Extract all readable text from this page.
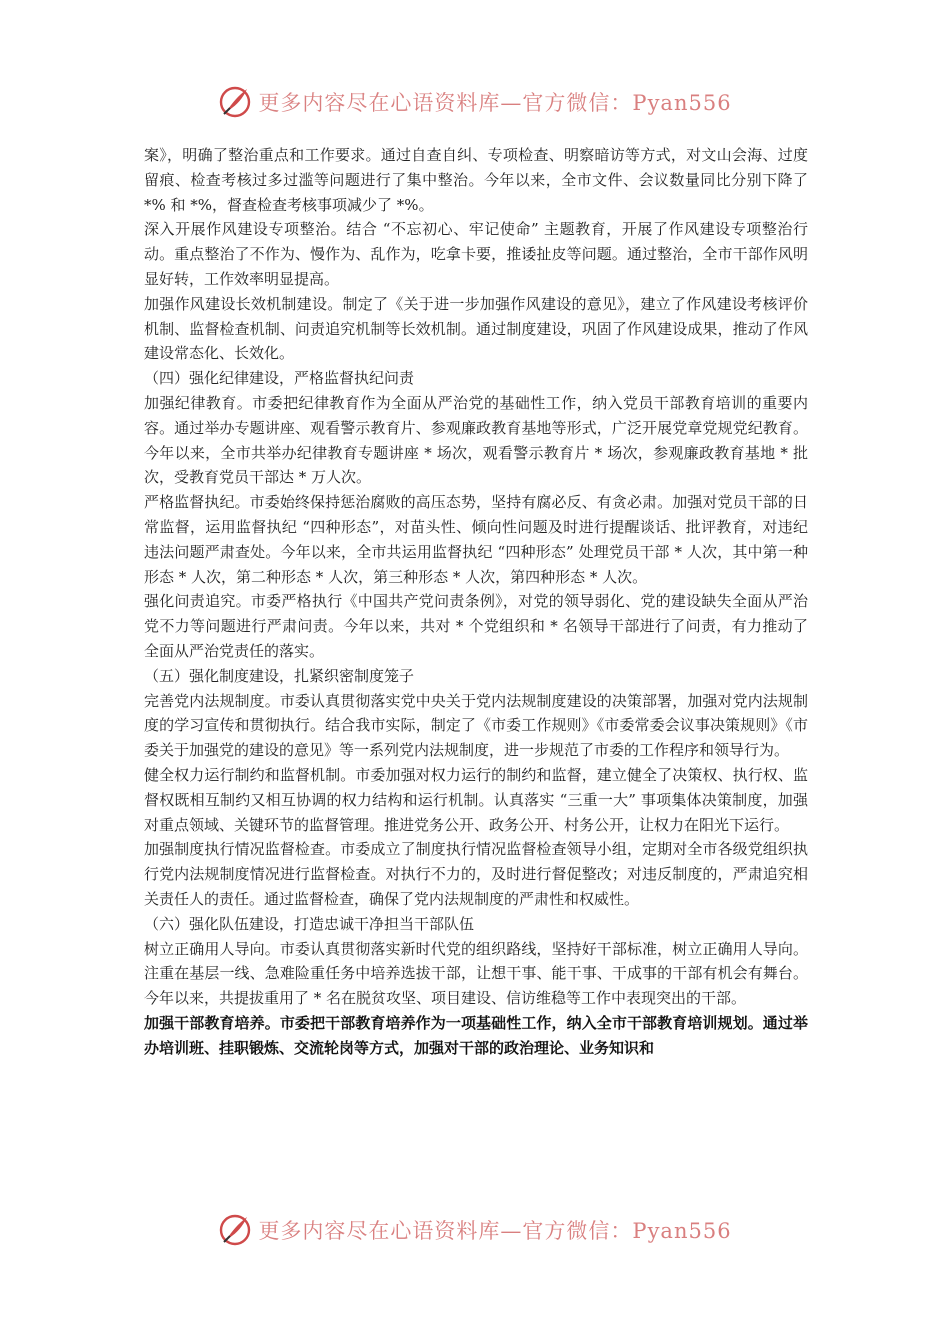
更多内容尽在心语资料库—官方微信：Pyan556

案》，明确了整治重点和工作要求。通过自查自纠、专项检查、明察暗访等方式，对文山会海、过度留痕、检查考核过多过滥等问题进行了集中整治。今年以来，全市文件、会议数量同比分别下降了 *% 和 *%，督查检查考核事项减少了 *%。

深入开展作风建设专项整治。结合 “不忘初心、牢记使命” 主题教育，开展了作风建设专项整治行动。重点整治了不作为、慢作为、乱作为，吃拿卡要，推诿扯皮等问题。通过整治，全市干部作风明显好转，工作效率明显提高。

加强作风建设长效机制建设。制定了《关于进一步加强作风建设的意见》，建立了作风建设考核评价机制、监督检查机制、问责追究机制等长效机制。通过制度建设，巩固了作风建设成果，推动了作风建设常态化、长效化。

（四）强化纪律建设，严格监督执纪问责

加强纪律教育。市委把纪律教育作为全面从严治党的基础性工作，纳入党员干部教育培训的重要内容。通过举办专题讲座、观看警示教育片、参观廉政教育基地等形式，广泛开展党章党规党纪教育。今年以来，全市共举办纪律教育专题讲座 * 场次，观看警示教育片 * 场次，参观廉政教育基地 * 批次，受教育党员干部达 * 万人次。

严格监督执纪。市委始终保持惩治腐败的高压态势，坚持有腐必反、有贪必肃。加强对党员干部的日常监督，运用监督执纪 “四种形态”，对苗头性、倾向性问题及时进行提醒谈话、批评教育，对违纪违法问题严肃查处。今年以来，全市共运用监督执纪 “四种形态” 处理党员干部 * 人次，其中第一种形态 * 人次，第二种形态 * 人次，第三种形态 * 人次，第四种形态 * 人次。

强化问责追究。市委严格执行《中国共产党问责条例》，对党的领导弱化、党的建设缺失全面从严治党不力等问题进行严肃问责。今年以来，共对 * 个党组织和 * 名领导干部进行了问责，有力推动了全面从严治党责任的落实。

（五）强化制度建设，扎紧织密制度笼子

完善党内法规制度。市委认真贯彻落实党中央关于党内法规制度建设的决策部署，加强对党内法规制度的学习宣传和贯彻执行。结合我市实际，制定了《市委工作规则》《市委常委会议事决策规则》《市委关于加强党的建设的意见》等一系列党内法规制度，进一步规范了市委的工作程序和领导行为。

健全权力运行制约和监督机制。市委加强对权力运行的制约和监督，建立健全了决策权、执行权、监督权既相互制约又相互协调的权力结构和运行机制。认真落实 “三重一大” 事项集体决策制度，加强对重点领域、关键环节的监督管理。推进党务公开、政务公开、村务公开，让权力在阳光下运行。

加强制度执行情况监督检查。市委成立了制度执行情况监督检查领导小组，定期对全市各级党组织执行党内法规制度情况进行监督检查。对执行不力的，及时进行督促整改；对违反制度的，严肃追究相关责任人的责任。通过监督检查，确保了党内法规制度的严肃性和权威性。

（六）强化队伍建设，打造忠诚干净担当干部队伍

树立正确用人导向。市委认真贯彻落实新时代党的组织路线，坚持好干部标准，树立正确用人导向。注重在基层一线、急难险重任务中培养选拔干部，让想干事、能干事、干成事的干部有机会有舞台。今年以来，共提拔重用了 * 名在脱贫攻坚、项目建设、信访维稳等工作中表现突出的干部。

加强干部教育培养。市委把干部教育培养作为一项基础性工作，纳入全市干部教育培训规划。通过举办培训班、挂职锻炼、交流轮岗等方式，加强对干部的政治理论、业务知识和

更多内容尽在心语资料库—官方微信：Pyan556
